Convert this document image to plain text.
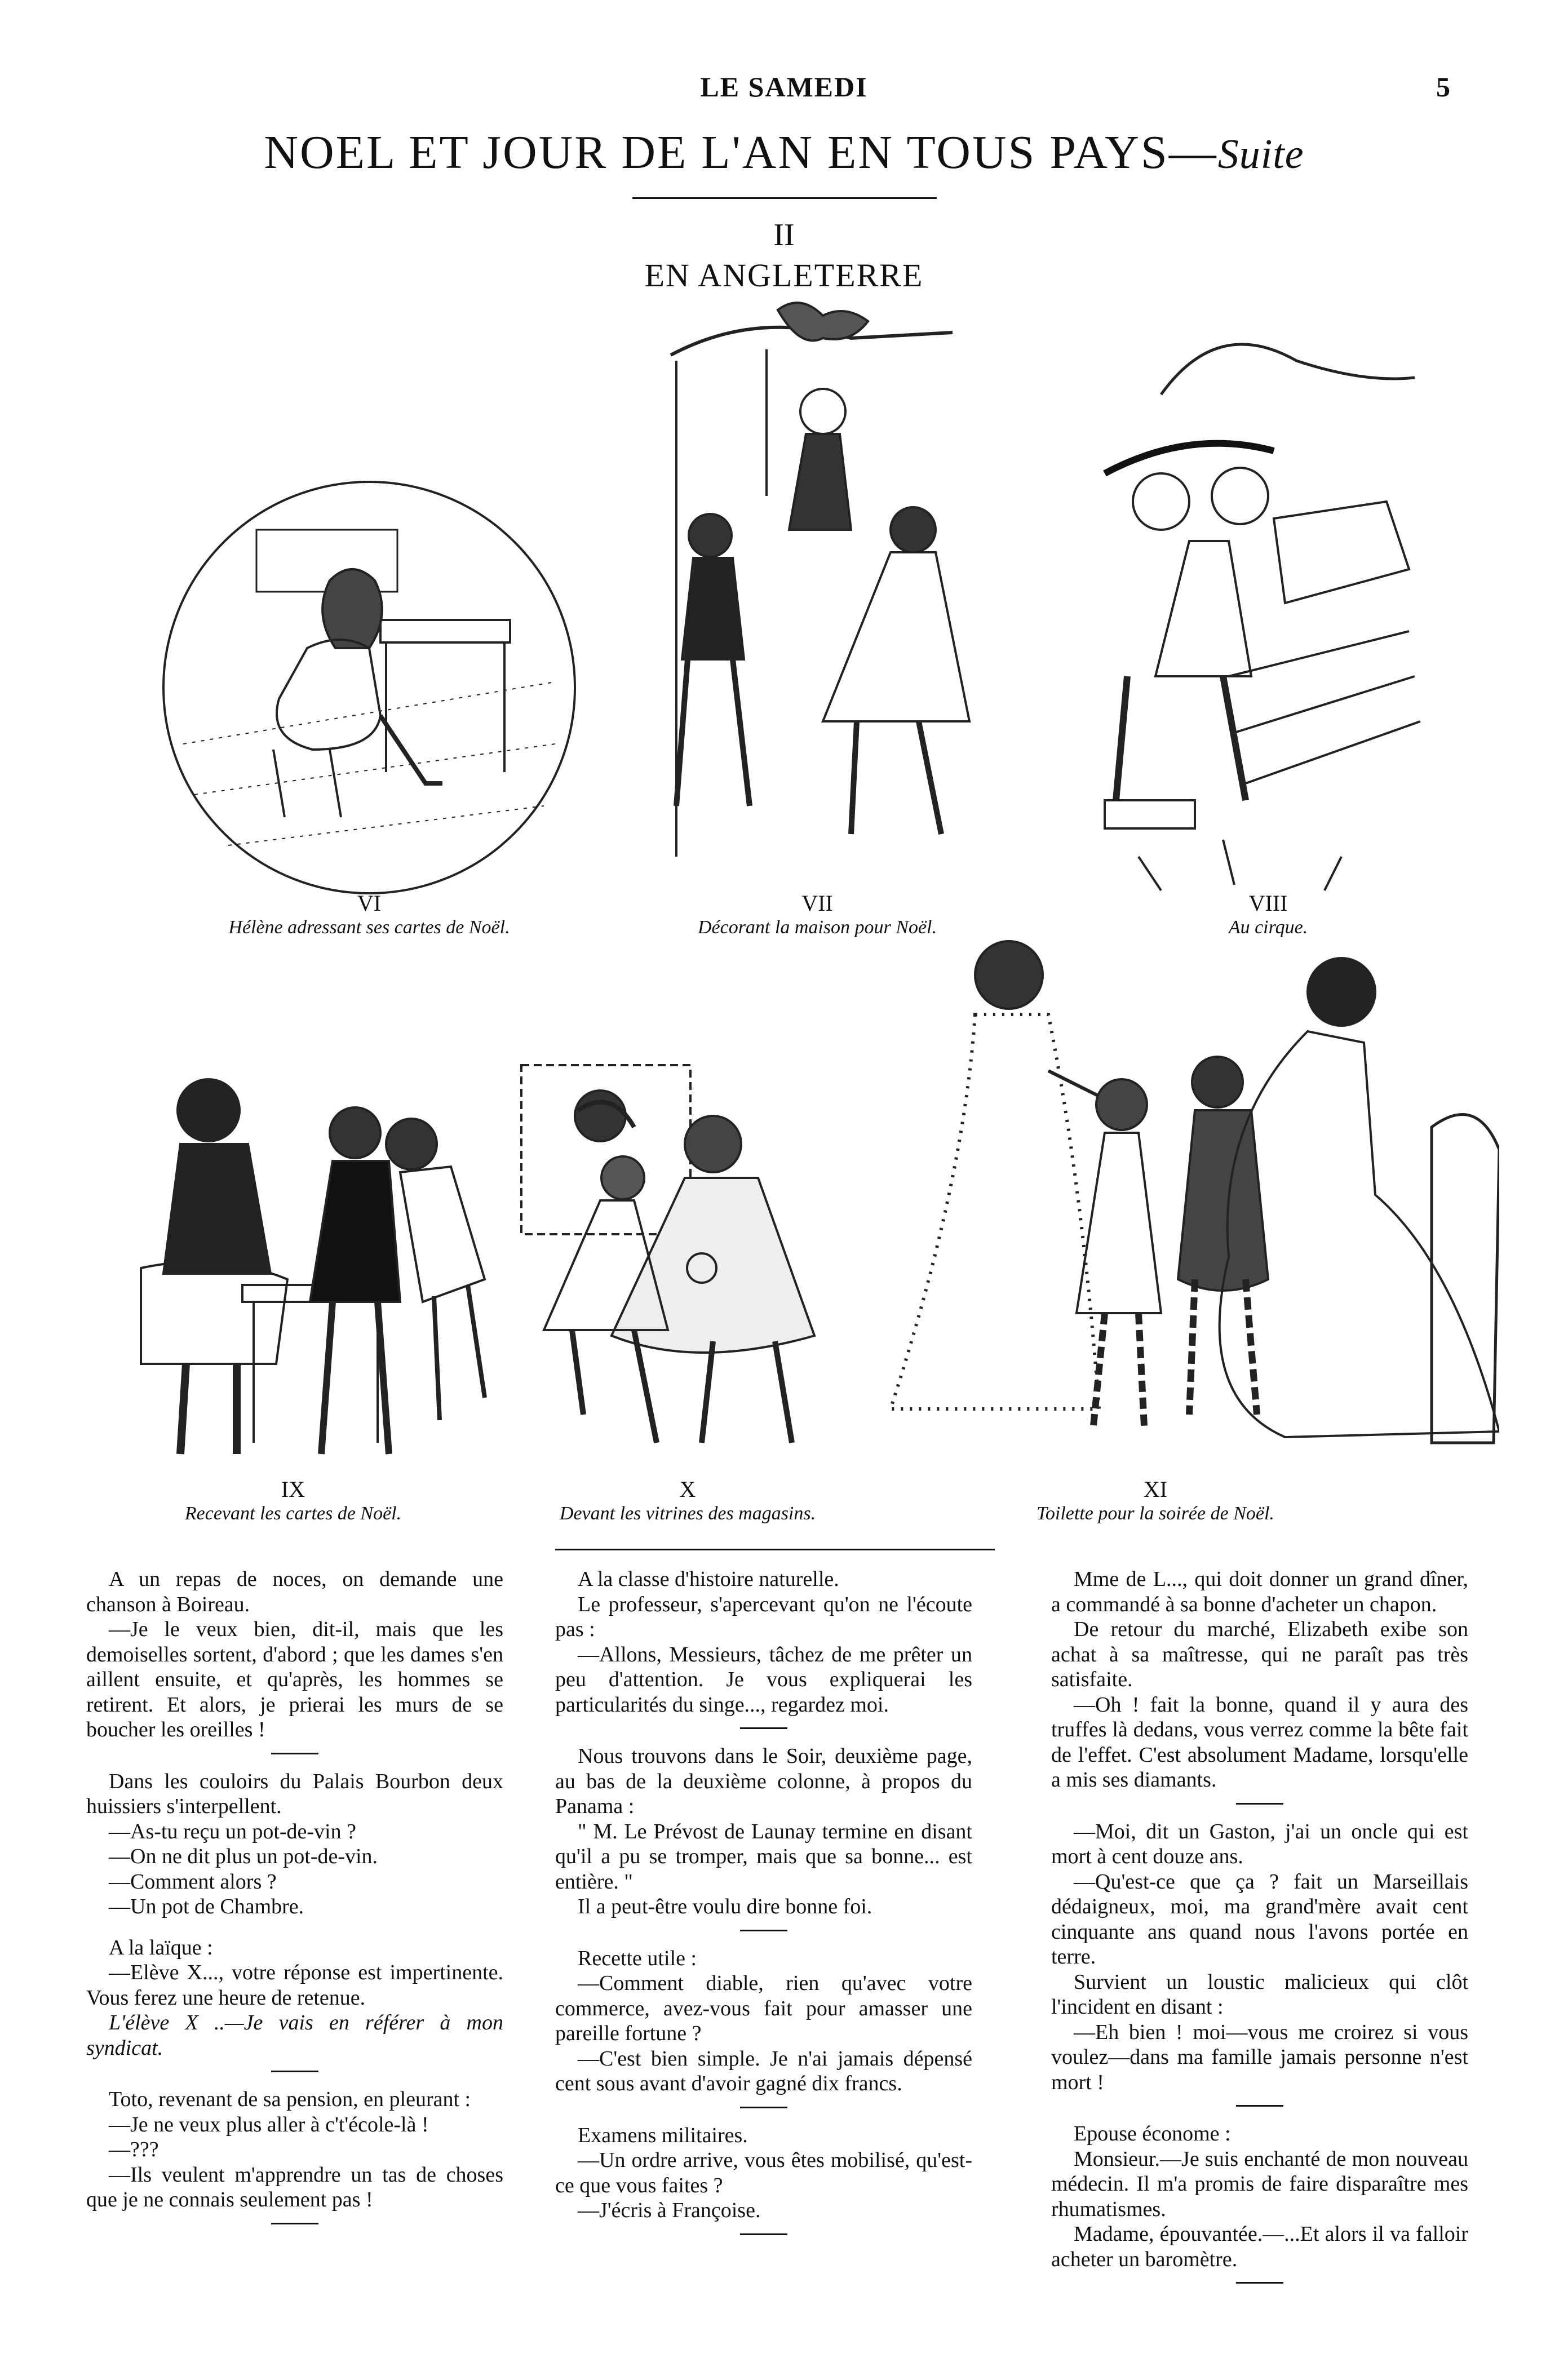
LE SAMEDI	5
NOEL ET JOUR DE L'AN EN TOUS PAYS—Suite
II
EN ANGLETERRE
VI
Hélène adressant ses cartes de Noël.
VII
Décorant la maison pour Noël.
VIII
Au cirque.
IX
Recevant les cartes de Noël.
X
Devant les vitrines des magasins.
XI
Toilette pour la soirée de Noël.

A un repas de noces, on demande une chanson à Boireau.

—Je le veux bien, dit-il, mais que les demoiselles sortent, d'abord ; que les dames s'en aillent ensuite, et qu'après, les hommes se retirent. Et alors, je prierai les murs de se boucher les oreilles !

Dans les couloirs du Palais Bourbon deux huissiers s'interpellent.

—As-tu reçu un pot-de-vin ?

—On ne dit plus un pot-de-vin.

—Comment alors ?

—Un pot de Chambre.

A la laïque :

—Elève X..., votre réponse est impertinente. Vous ferez une heure de retenue.

L'élève X ..—Je vais en référer à mon syndicat.

Toto, revenant de sa pension, en pleurant :

—Je ne veux plus aller à c't'école-là !

—???

—Ils veulent m'apprendre un tas de choses que je ne connais seulement pas !

A la classe d'histoire naturelle.

Le professeur, s'apercevant qu'on ne l'écoute pas :

—Allons, Messieurs, tâchez de me prêter un peu d'attention. Je vous expliquerai les particularités du singe..., regardez moi.

Nous trouvons dans le Soir, deuxième page, au bas de la deuxième colonne, à propos du Panama :

" M. Le Prévost de Launay termine en disant qu'il a pu se tromper, mais que sa bonne... est entière. "

Il a peut-être voulu dire bonne foi.

Recette utile :

—Comment diable, rien qu'avec votre commerce, avez-vous fait pour amasser une pareille fortune ?

—C'est bien simple. Je n'ai jamais dépensé cent sous avant d'avoir gagné dix francs.

Examens militaires.

—Un ordre arrive, vous êtes mobilisé, qu'est-ce que vous faites ?

—J'écris à Françoise.

Mme de L..., qui doit donner un grand dîner, a commandé à sa bonne d'acheter un chapon.

De retour du marché, Elizabeth exibe son achat à sa maîtresse, qui ne paraît pas très satisfaite.

—Oh ! fait la bonne, quand il y aura des truffes là dedans, vous verrez comme la bête fait de l'effet. C'est absolument Madame, lorsqu'elle a mis ses diamants.

—Moi, dit un Gaston, j'ai un oncle qui est mort à cent douze ans.

—Qu'est-ce que ça ? fait un Marseillais dédaigneux, moi, ma grand'mère avait cent cinquante ans quand nous l'avons portée en terre.

Survient un loustic malicieux qui clôt l'incident en disant :

—Eh bien ! moi—vous me croirez si vous voulez—dans ma famille jamais personne n'est mort !

Epouse économe :

Monsieur.—Je suis enchanté de mon nouveau médecin. Il m'a promis de faire disparaître mes rhumatismes.

Madame, épouvantée.—...Et alors il va falloir acheter un baromètre.
